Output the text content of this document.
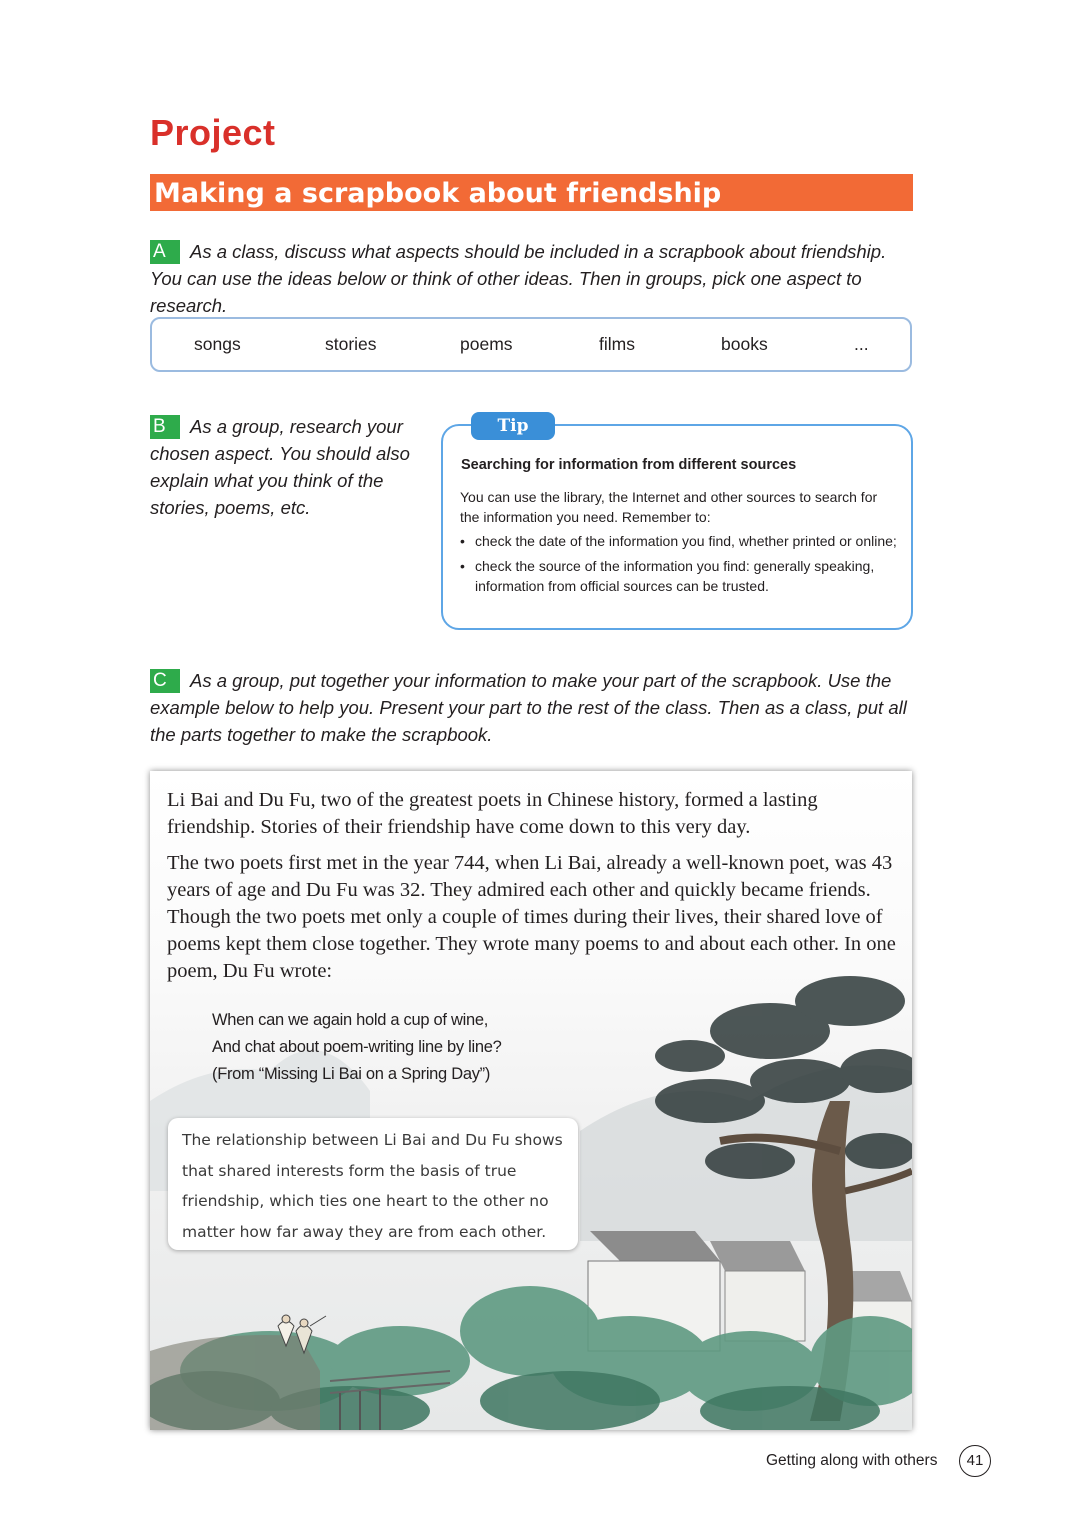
Project
Making a scrapbook about friendship
A As a class, discuss what aspects should be included in a scrapbook about friendship. You can use the ideas below or think of other ideas. Then in groups, pick one aspect to research.
songs	stories	poems	films	books	...
B As a group, research your chosen aspect. You should also explain what you think of the stories, poems, etc.
Tip
Searching for information from different sources
You can use the library, the Internet and other sources to search for the information you need. Remember to:
• check the date of the information you find, whether printed or online;
• check the source of the information you find: generally speaking, information from official sources can be trusted.
C As a group, put together your information to make your part of the scrapbook. Use the example below to help you. Present your part to the rest of the class. Then as a class, put all the parts together to make the scrapbook.
Li Bai and Du Fu, two of the greatest poets in Chinese history, formed a lasting friendship. Stories of their friendship have come down to this very day.
The two poets first met in the year 744, when Li Bai, already a well-known poet, was 43 years of age and Du Fu was 32. They admired each other and quickly became friends. Though the two poets met only a couple of times during their lives, their shared love of poems kept them close together. They wrote many poems to and about each other. In one poem, Du Fu wrote:
When can we again hold a cup of wine,
And chat about poem-writing line by line?
(From “Missing Li Bai on a Spring Day”)
The relationship between Li Bai and Du Fu shows that shared interests form the basis of true friendship, which ties one heart to the other no matter how far away they are from each other.
Getting along with others	41
